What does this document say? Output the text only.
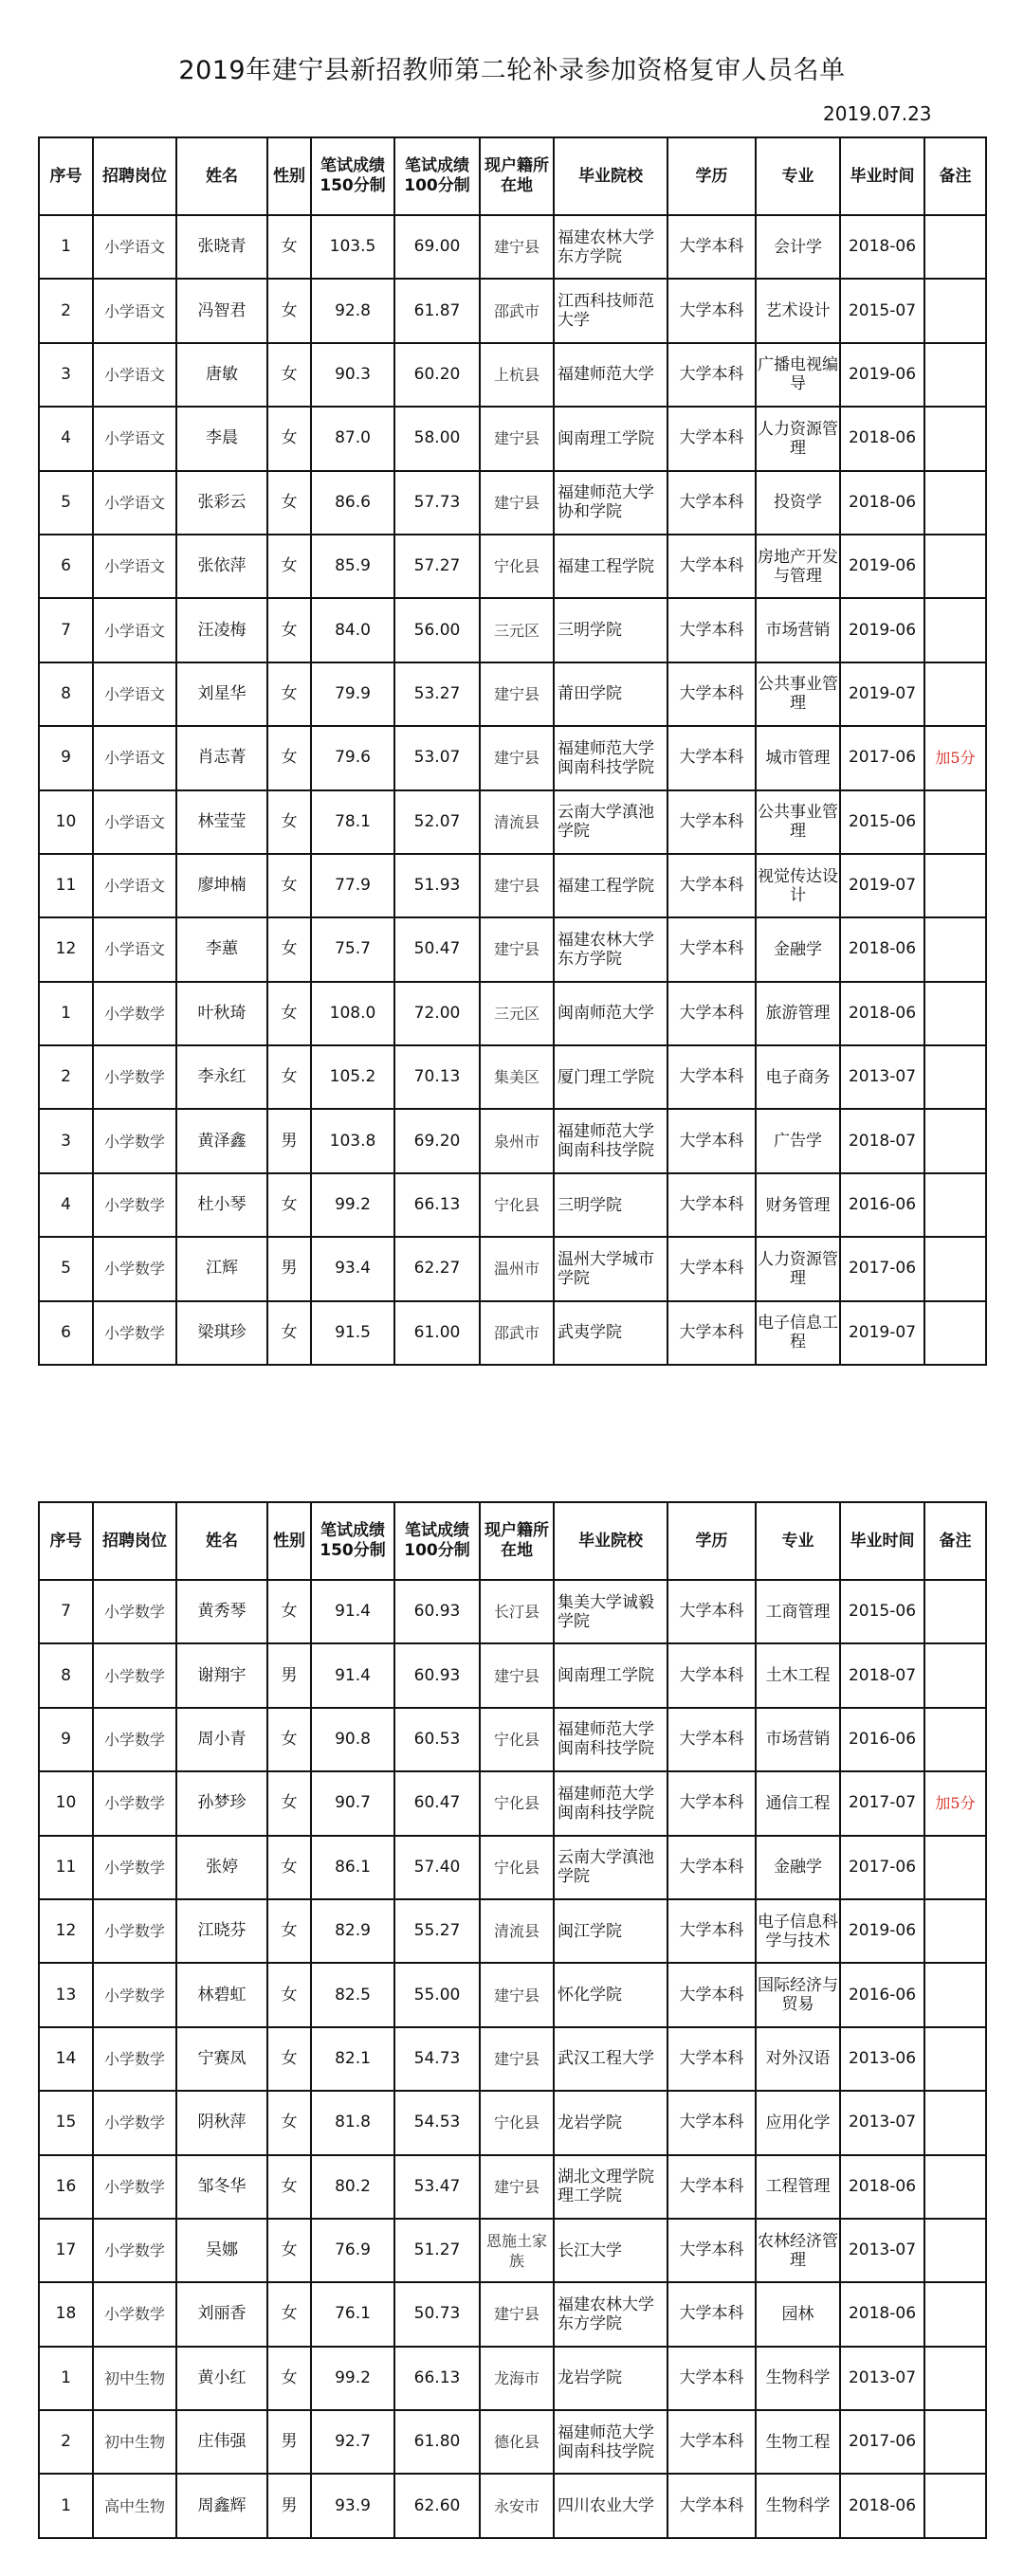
2019年建宁县新招教师第二轮补录参加资格复审人员名单
2019.07.23
序号	招聘岗位	姓名	性别	笔试成绩150分制	笔试成绩100分制	现户籍所在地	毕业院校	学历	专业	毕业时间	备注
1	小学语文	张晓青	女	103.5	69.00	建宁县	福建农林大学东方学院	大学本科	会计学	2018-06	
2	小学语文	冯智君	女	92.8	61.87	邵武市	江西科技师范大学	大学本科	艺术设计	2015-07	
3	小学语文	唐敏	女	90.3	60.20	上杭县	福建师范大学	大学本科	广播电视编导	2019-06	
4	小学语文	李晨	女	87.0	58.00	建宁县	闽南理工学院	大学本科	人力资源管理	2018-06	
5	小学语文	张彩云	女	86.6	57.73	建宁县	福建师范大学协和学院	大学本科	投资学	2018-06	
6	小学语文	张依萍	女	85.9	57.27	宁化县	福建工程学院	大学本科	房地产开发与管理	2019-06	
7	小学语文	汪凌梅	女	84.0	56.00	三元区	三明学院	大学本科	市场营销	2019-06	
8	小学语文	刘星华	女	79.9	53.27	建宁县	莆田学院	大学本科	公共事业管理	2019-07	
9	小学语文	肖志菁	女	79.6	53.07	建宁县	福建师范大学闽南科技学院	大学本科	城市管理	2017-06	加5分
10	小学语文	林莹莹	女	78.1	52.07	清流县	云南大学滇池学院	大学本科	公共事业管理	2015-06	
11	小学语文	廖坤楠	女	77.9	51.93	建宁县	福建工程学院	大学本科	视觉传达设计	2019-07	
12	小学语文	李蕙	女	75.7	50.47	建宁县	福建农林大学东方学院	大学本科	金融学	2018-06	
1	小学数学	叶秋琦	女	108.0	72.00	三元区	闽南师范大学	大学本科	旅游管理	2018-06	
2	小学数学	李永红	女	105.2	70.13	集美区	厦门理工学院	大学本科	电子商务	2013-07	
3	小学数学	黄泽鑫	男	103.8	69.20	泉州市	福建师范大学闽南科技学院	大学本科	广告学	2018-07	
4	小学数学	杜小琴	女	99.2	66.13	宁化县	三明学院	大学本科	财务管理	2016-06	
5	小学数学	江辉	男	93.4	62.27	温州市	温州大学城市学院	大学本科	人力资源管理	2017-06	
6	小学数学	梁琪珍	女	91.5	61.00	邵武市	武夷学院	大学本科	电子信息工程	2019-07	
序号	招聘岗位	姓名	性别	笔试成绩150分制	笔试成绩100分制	现户籍所在地	毕业院校	学历	专业	毕业时间	备注
7	小学数学	黄秀琴	女	91.4	60.93	长汀县	集美大学诚毅学院	大学本科	工商管理	2015-06	
8	小学数学	谢翔宇	男	91.4	60.93	建宁县	闽南理工学院	大学本科	土木工程	2018-07	
9	小学数学	周小青	女	90.8	60.53	宁化县	福建师范大学闽南科技学院	大学本科	市场营销	2016-06	
10	小学数学	孙梦珍	女	90.7	60.47	宁化县	福建师范大学闽南科技学院	大学本科	通信工程	2017-07	加5分
11	小学数学	张婷	女	86.1	57.40	宁化县	云南大学滇池学院	大学本科	金融学	2017-06	
12	小学数学	江晓芬	女	82.9	55.27	清流县	闽江学院	大学本科	电子信息科学与技术	2019-06	
13	小学数学	林碧虹	女	82.5	55.00	建宁县	怀化学院	大学本科	国际经济与贸易	2016-06	
14	小学数学	宁赛凤	女	82.1	54.73	建宁县	武汉工程大学	大学本科	对外汉语	2013-06	
15	小学数学	阴秋萍	女	81.8	54.53	宁化县	龙岩学院	大学本科	应用化学	2013-07	
16	小学数学	邹冬华	女	80.2	53.47	建宁县	湖北文理学院理工学院	大学本科	工程管理	2018-06	
17	小学数学	吴娜	女	76.9	51.27	恩施土家族	长江大学	大学本科	农林经济管理	2013-07	
18	小学数学	刘丽香	女	76.1	50.73	建宁县	福建农林大学东方学院	大学本科	园林	2018-06	
1	初中生物	黄小红	女	99.2	66.13	龙海市	龙岩学院	大学本科	生物科学	2013-07	
2	初中生物	庄伟强	男	92.7	61.80	德化县	福建师范大学闽南科技学院	大学本科	生物工程	2017-06	
1	高中生物	周鑫辉	男	93.9	62.60	永安市	四川农业大学	大学本科	生物科学	2018-06	
